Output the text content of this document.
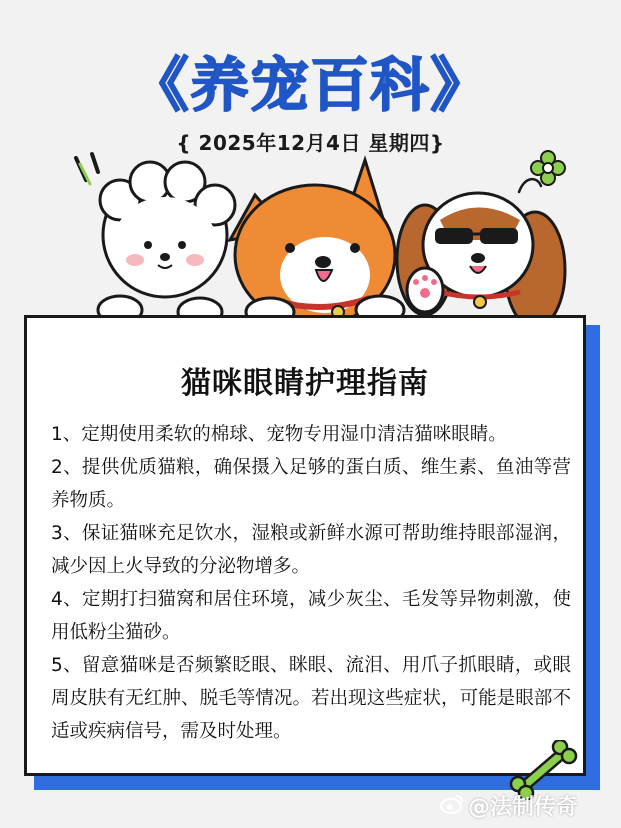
《养宠百科》
{ 2025年12月4日 星期四}
猫咪眼睛护理指南

1、定期使用柔软的棉球、宠物专用湿巾清洁猫咪眼睛。

2、提供优质猫粮，确保摄入足够的蛋白质、维生素、鱼油等营养物质。

3、保证猫咪充足饮水，湿粮或新鲜水源可帮助维持眼部湿润，减少因上火导致的分泌物增多。

4、定期打扫猫窝和居住环境，减少灰尘、毛发等异物刺激，使用低粉尘猫砂。

5、留意猫咪是否频繁眨眼、眯眼、流泪、用爪子抓眼睛，或眼周皮肤有无红肿、脱毛等情况。若出现这些症状，可能是眼部不适或疾病信号，需及时处理。

@法制传奇
